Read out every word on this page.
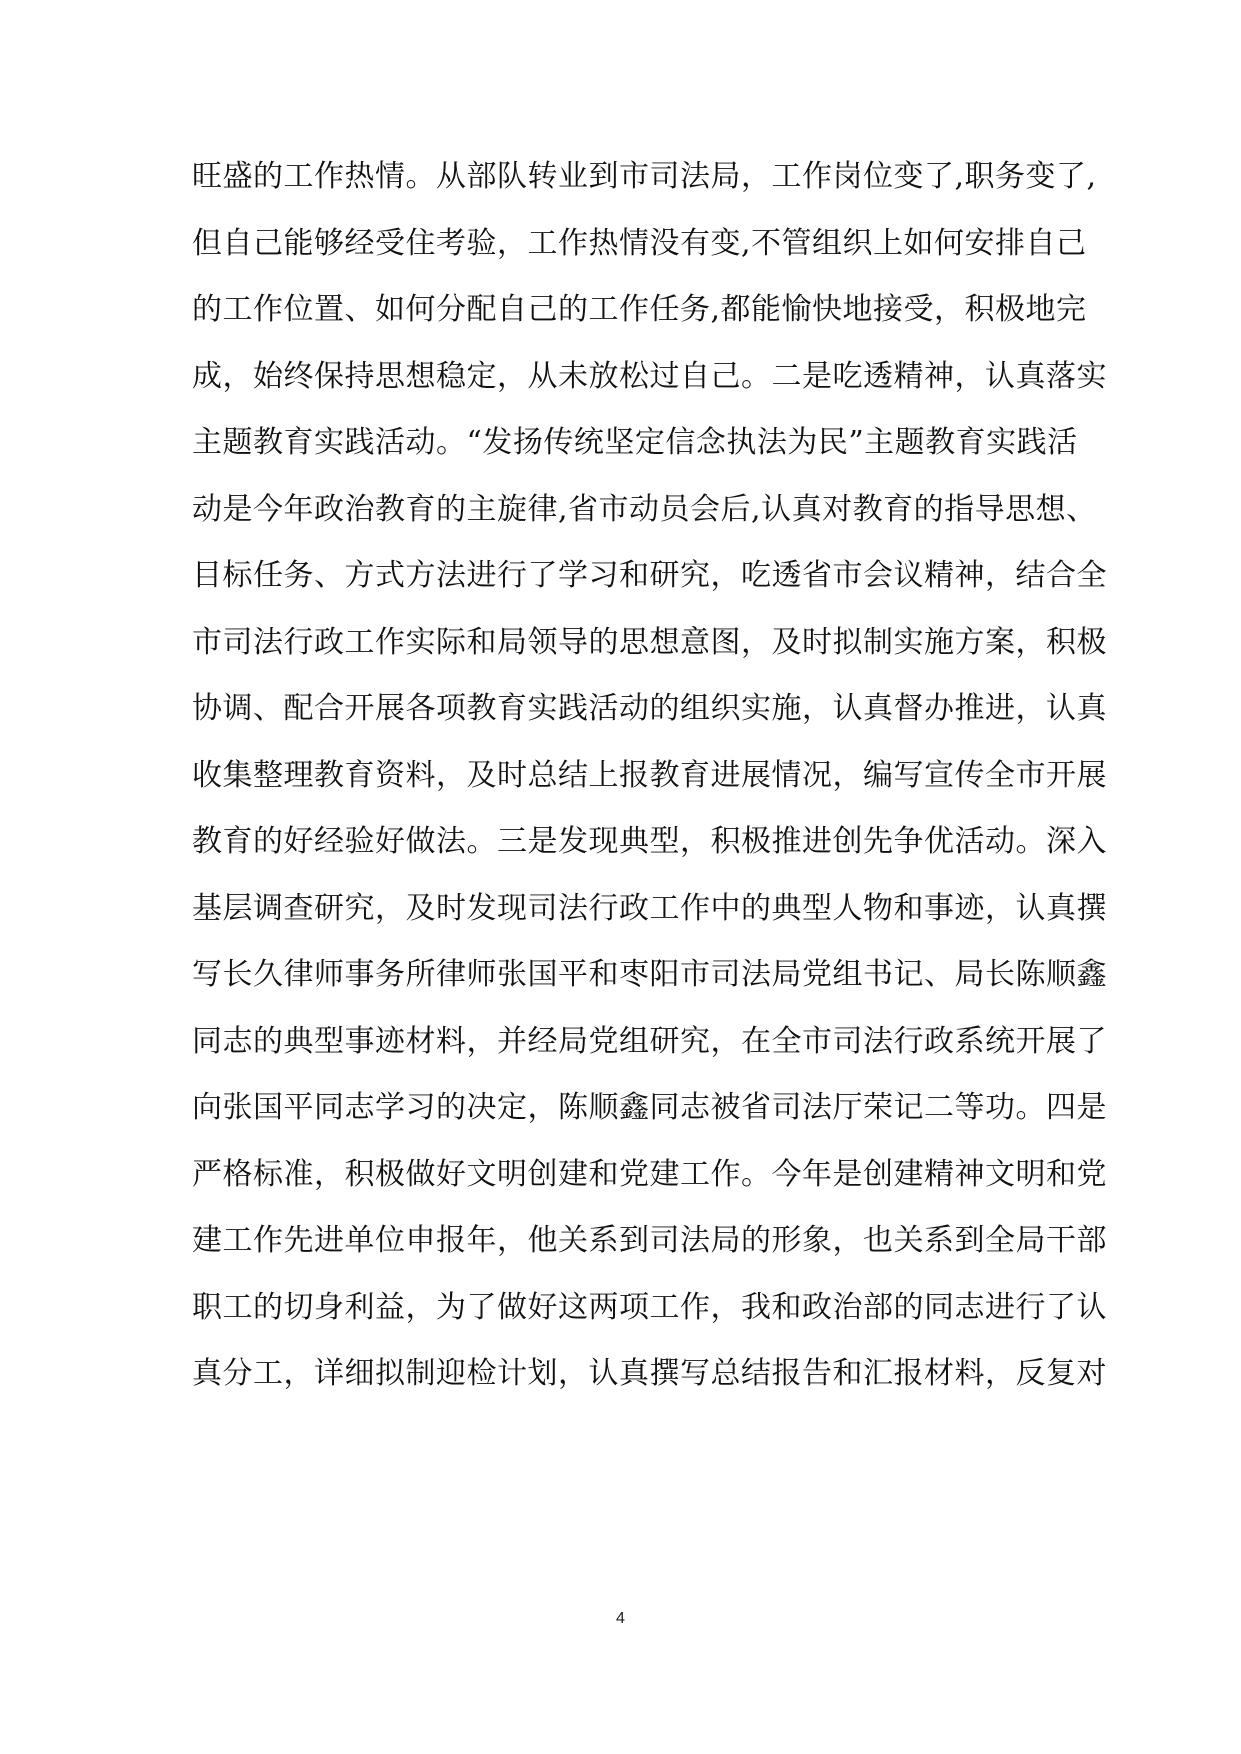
旺盛的工作热情。从部队转业到市司法局，工作岗位变了,职务变了,
但自己能够经受住考验，工作热情没有变,不管组织上如何安排自己
的工作位置、如何分配自己的工作任务,都能愉快地接受，积极地完
成，始终保持思想稳定，从未放松过自己。二是吃透精神，认真落实
主题教育实践活动。“发扬传统坚定信念执法为民”主题教育实践活
动是今年政治教育的主旋律,省市动员会后,认真对教育的指导思想、
目标任务、方式方法进行了学习和研究，吃透省市会议精神，结合全
市司法行政工作实际和局领导的思想意图，及时拟制实施方案，积极
协调、配合开展各项教育实践活动的组织实施，认真督办推进，认真
收集整理教育资料，及时总结上报教育进展情况，编写宣传全市开展
教育的好经验好做法。三是发现典型，积极推进创先争优活动。深入
基层调查研究，及时发现司法行政工作中的典型人物和事迹，认真撰
写长久律师事务所律师张国平和枣阳市司法局党组书记、局长陈顺鑫
同志的典型事迹材料，并经局党组研究，在全市司法行政系统开展了
向张国平同志学习的决定，陈顺鑫同志被省司法厅荣记二等功。四是
严格标准，积极做好文明创建和党建工作。今年是创建精神文明和党
建工作先进单位申报年，他关系到司法局的形象，也关系到全局干部
职工的切身利益，为了做好这两项工作，我和政治部的同志进行了认
真分工，详细拟制迎检计划，认真撰写总结报告和汇报材料，反复对
4
